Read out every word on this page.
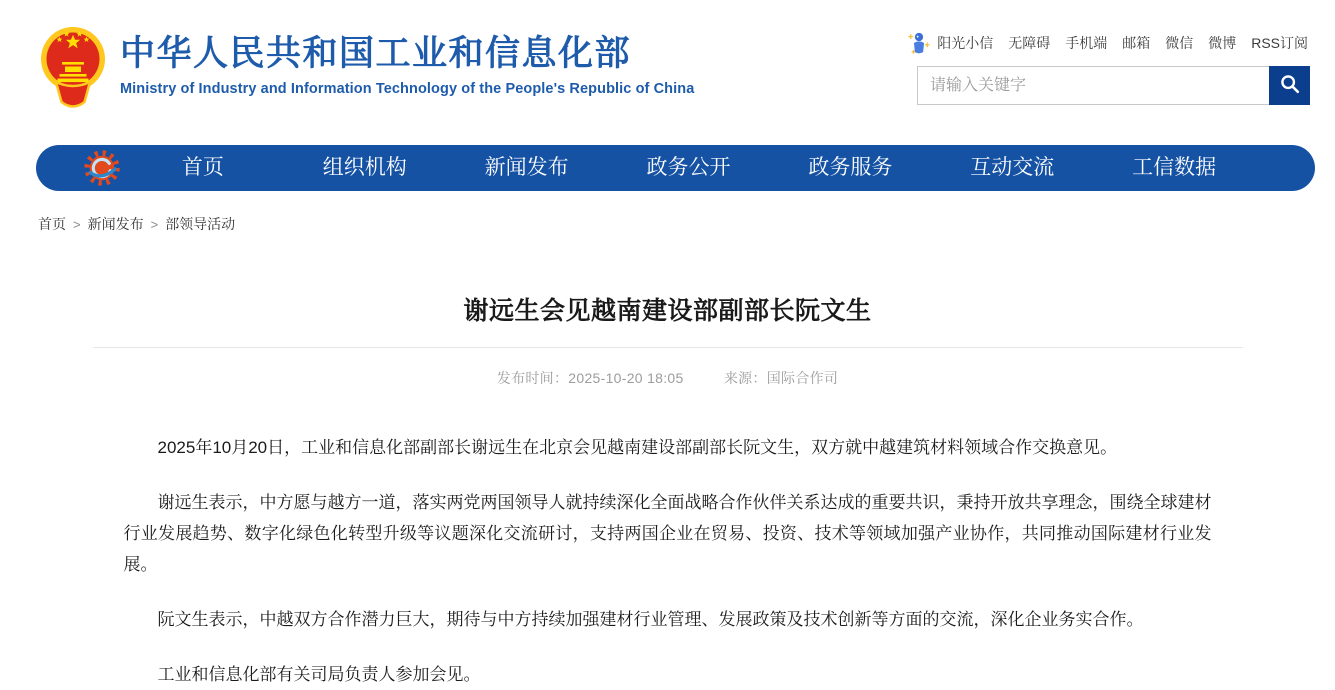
中华人民共和国工业和信息化部
Ministry of Industry and Information Technology of the People's Republic of China
阳光小信 无障碍 手机端 邮箱 微信 微博 RSS订阅
请输入关键字
首页	组织机构	新闻发布	政务公开	政务服务	互动交流	工信数据
首页 > 新闻发布 > 部领导活动
谢远生会见越南建设部副部长阮文生
发布时间：2025-10-20 18:05	来源：国际合作司

2025年10月20日，工业和信息化部副部长谢远生在北京会见越南建设部副部长阮文生，双方就中越建筑材料领域合作交换意见。

谢远生表示，中方愿与越方一道，落实两党两国领导人就持续深化全面战略合作伙伴关系达成的重要共识，秉持开放共享理念，围绕全球建材行业发展趋势、数字化绿色化转型升级等议题深化交流研讨，支持两国企业在贸易、投资、技术等领域加强产业协作，共同推动国际建材行业发展。

阮文生表示，中越双方合作潜力巨大，期待与中方持续加强建材行业管理、发展政策及技术创新等方面的交流，深化企业务实合作。

工业和信息化部有关司局负责人参加会见。
